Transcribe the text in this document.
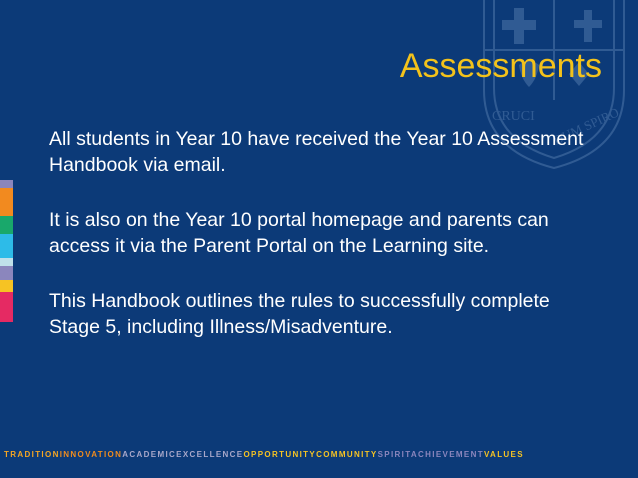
CRUCI DUM SPIRO
Assessments

All students in Year 10 have received the Year 10 Assessment Handbook via email.

It is also on the Year 10 portal homepage and parents can access it via the Parent Portal on the Learning site.

This Handbook outlines the rules to successfully complete Stage 5, including Illness/Misadventure.

TRADITIONINNOVATIONACADEMICEXCELLENCEOPPORTUNITYCOMMUNITYSPIRITACHIEVEMENTVALUES
